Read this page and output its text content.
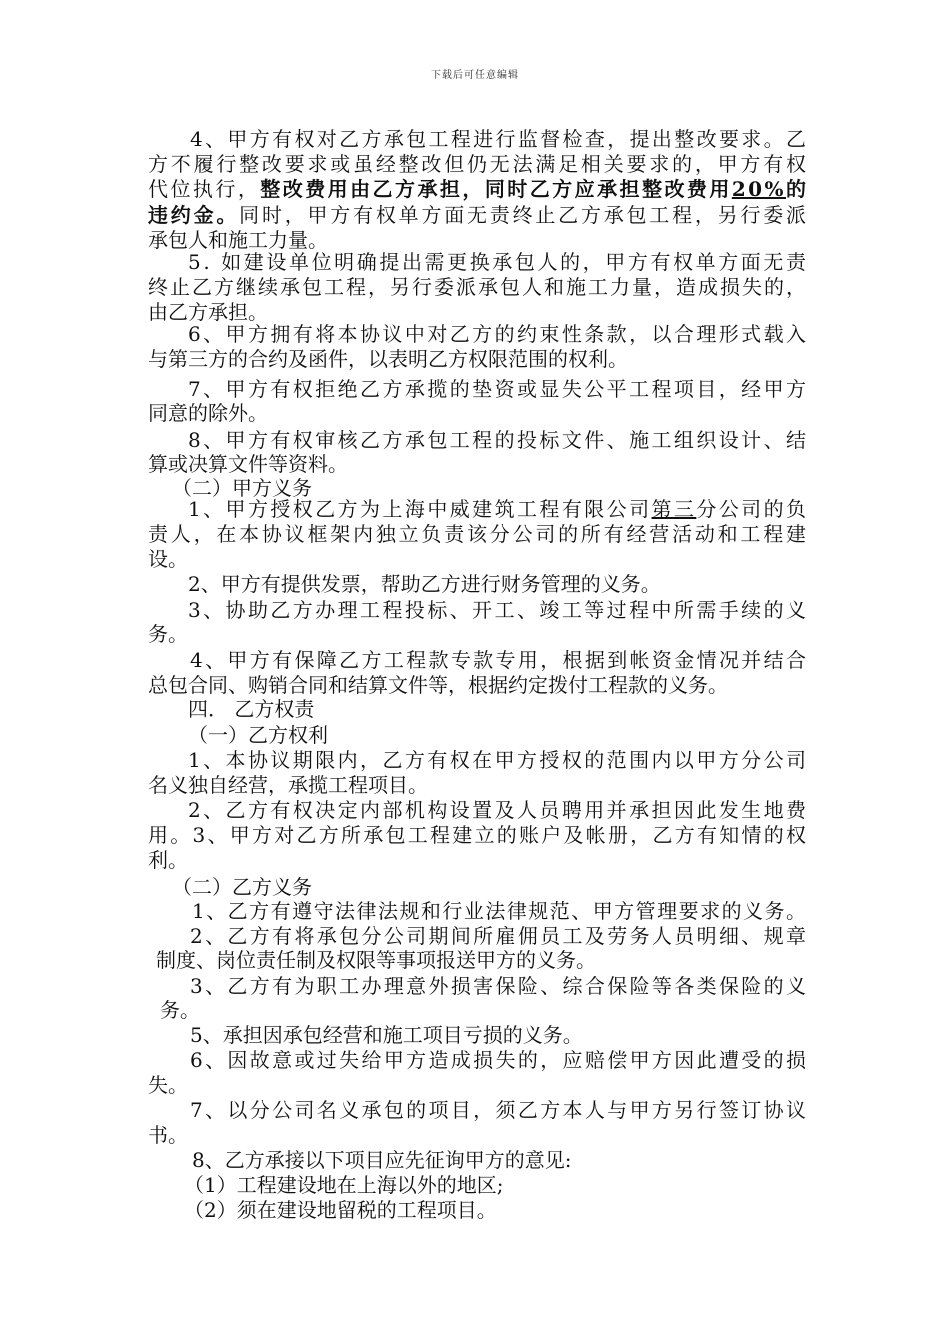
下载后可任意编辑
4、甲方有权对乙方承包工程进行监督检查，提出整改要求。乙
方不履行整改要求或虽经整改但仍无法满足相关要求的，甲方有权
代位执行，整改费用由乙方承担，同时乙方应承担整改费用20%的
违约金。同时，甲方有权单方面无责终止乙方承包工程，另行委派
承包人和施工力量。
5. 如建设单位明确提出需更换承包人的，甲方有权单方面无责
终止乙方继续承包工程，另行委派承包人和施工力量，造成损失的，
由乙方承担。
6、甲方拥有将本协议中对乙方的约束性条款，以合理形式载入
与第三方的合约及函件，以表明乙方权限范围的权利。
7、甲方有权拒绝乙方承揽的垫资或显失公平工程项目，经甲方
同意的除外。
8、甲方有权审核乙方承包工程的投标文件、施工组织设计、结
算或决算文件等资料。
（二）甲方义务
1、甲方授权乙方为上海中威建筑工程有限公司第三分公司的负
责人，在本协议框架内独立负责该分公司的所有经营活动和工程建
设。
2、甲方有提供发票，帮助乙方进行财务管理的义务。
3、协助乙方办理工程投标、开工、竣工等过程中所需手续的义
务。
4、甲方有保障乙方工程款专款专用，根据到帐资金情况并结合
总包合同、购销合同和结算文件等，根据约定拨付工程款的义务。
四． 乙方权责
（一）乙方权利
1、本协议期限内，乙方有权在甲方授权的范围内以甲方分公司
名义独自经营，承揽工程项目。
2、乙方有权决定内部机构设置及人员聘用并承担因此发生地费
用。3、甲方对乙方所承包工程建立的账户及帐册，乙方有知情的权
利。
（二）乙方义务
1、乙方有遵守法律法规和行业法律规范、甲方管理要求的义务。
2、乙方有将承包分公司期间所雇佣员工及劳务人员明细、规章
制度、岗位责任制及权限等事项报送甲方的义务。
3、乙方有为职工办理意外损害保险、综合保险等各类保险的义
务。
5、承担因承包经营和施工项目亏损的义务。
6、因故意或过失给甲方造成损失的，应赔偿甲方因此遭受的损
失。
7、以分公司名义承包的项目，须乙方本人与甲方另行签订协议
书。
8、乙方承接以下项目应先征询甲方的意见:
（1）工程建设地在上海以外的地区;
（2）须在建设地留税的工程项目。
